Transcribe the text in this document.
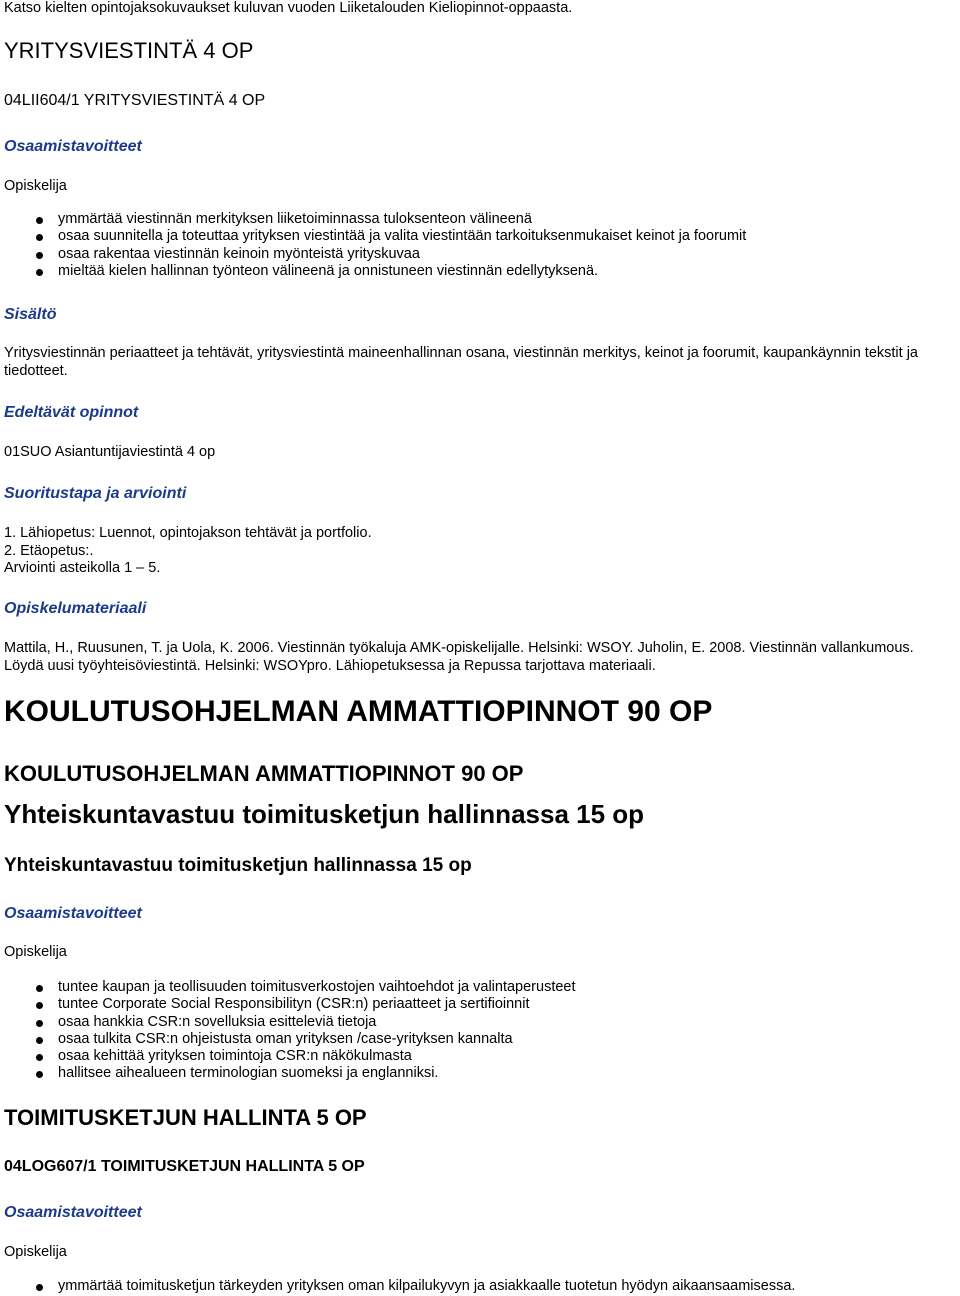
Katso kielten opintojaksokuvaukset kuluvan vuoden Liiketalouden Kieliopinnot-oppaasta.

YRITYSVIESTINTÄ 4 OP
04LII604/1 YRITYSVIESTINTÄ 4 OP
Osaamistavoitteet

Opiskelija

ymmärtää viestinnän merkityksen liiketoiminnassa tuloksenteon välineenä
osaa suunnitella ja toteuttaa yrityksen viestintää ja valita viestintään tarkoituksenmukaiset keinot ja foorumit
osaa rakentaa viestinnän keinoin myönteistä yrityskuvaa
mieltää kielen hallinnan työnteon välineenä ja onnistuneen viestinnän edellytyksenä.
Sisältö

Yritysviestinnän periaatteet ja tehtävät, yritysviestintä maineenhallinnan osana, viestinnän merkitys, keinot ja foorumit, kaupankäynnin tekstit ja tiedotteet.

Edeltävät opinnot

01SUO Asiantuntijaviestintä 4 op

Suoritustapa ja arviointi
1. Lähiopetus: Luennot, opintojakson tehtävät ja portfolio.
2. Etäopetus:.
Arviointi asteikolla 1 – 5.
Opiskelumateriaali

Mattila, H., Ruusunen, T. ja Uola, K. 2006. Viestinnän työkaluja AMK-opiskelijalle. Helsinki: WSOY. Juholin, E. 2008. Viestinnän vallankumous. Löydä uusi työyhteisöviestintä. Helsinki: WSOYpro. Lähiopetuksessa ja Repussa tarjottava materiaali.

KOULUTUSOHJELMAN AMMATTIOPINNOT 90 OP
KOULUTUSOHJELMAN AMMATTIOPINNOT 90 OP
Yhteiskuntavastuu toimitusketjun hallinnassa 15 op
Yhteiskuntavastuu toimitusketjun hallinnassa 15 op
Osaamistavoitteet

Opiskelija

tuntee kaupan ja teollisuuden toimitusverkostojen vaihtoehdot ja valintaperusteet
tuntee Corporate Social Responsibilityn (CSR:n) periaatteet ja sertifioinnit
osaa hankkia CSR:n sovelluksia esitteleviä tietoja
osaa tulkita CSR:n ohjeistusta oman yrityksen /case-yrityksen kannalta
osaa kehittää yrityksen toimintoja CSR:n näkökulmasta
hallitsee aihealueen terminologian suomeksi ja englanniksi.
TOIMITUSKETJUN HALLINTA 5 OP
04LOG607/1 TOIMITUSKETJUN HALLINTA 5 OP
Osaamistavoitteet

Opiskelija

ymmärtää toimitusketjun tärkeyden yrityksen oman kilpailukyvyn ja asiakkaalle tuotetun hyödyn aikaansaamisessa.
